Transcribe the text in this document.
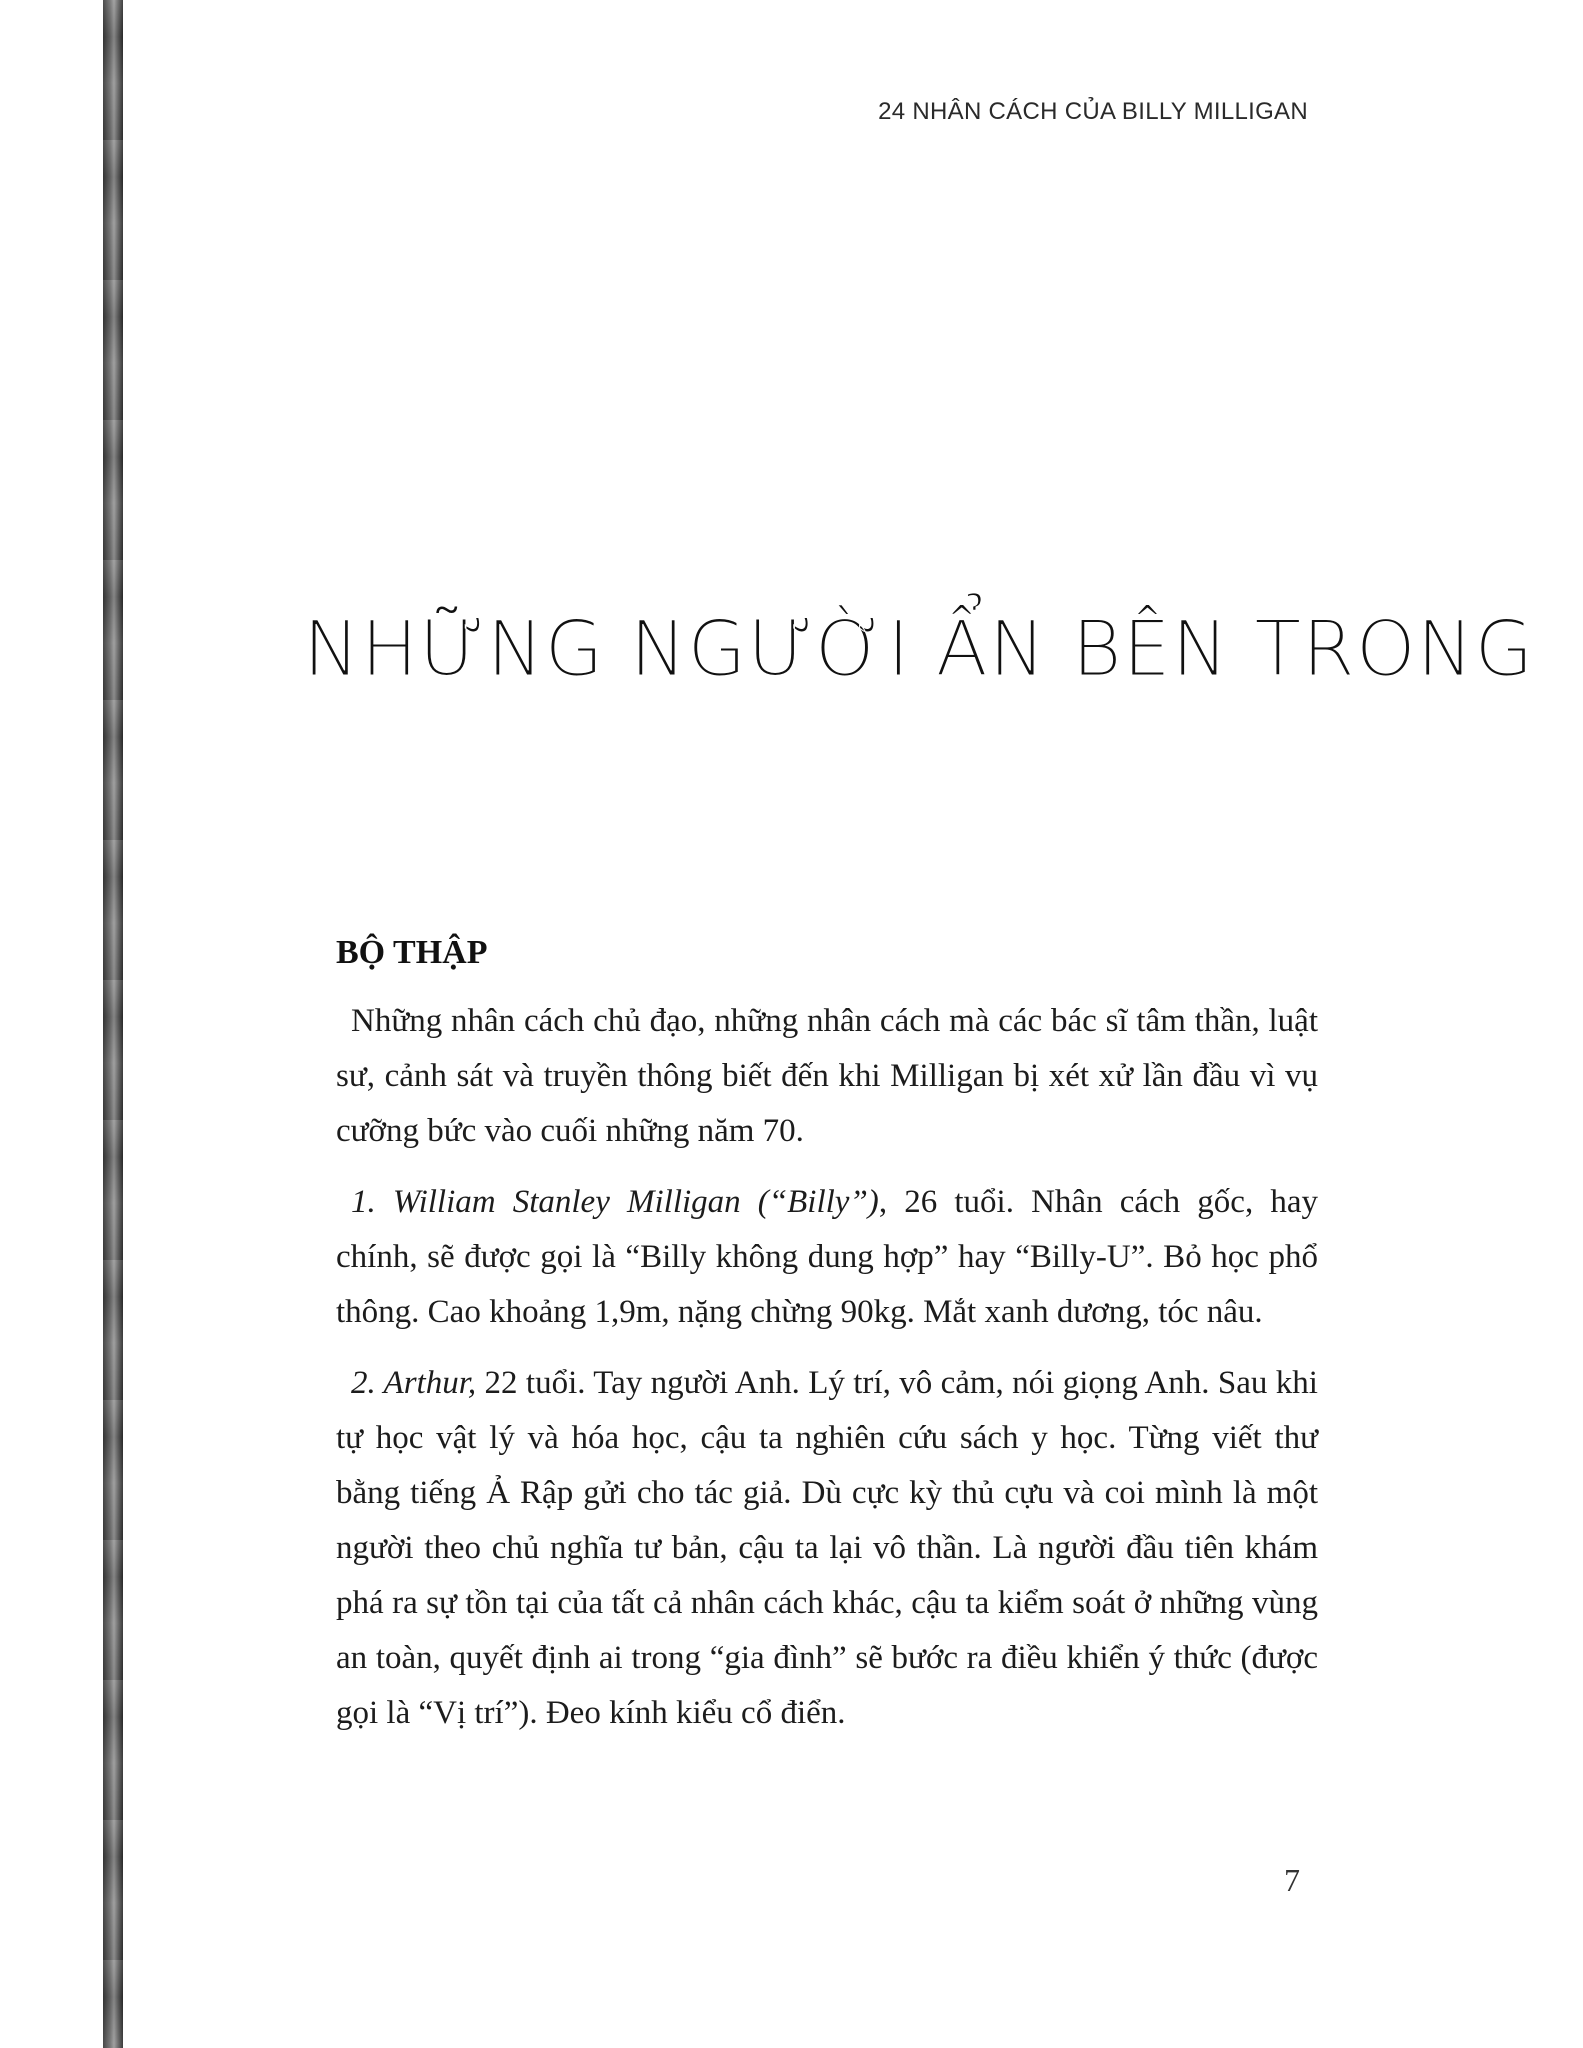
24 NHÂN CÁCH CỦA BILLY MILLIGAN
NHỮNG NGƯỜI ẨN BÊN TRONG
BỘ THẬP

Những nhân cách chủ đạo, những nhân cách mà các bác sĩ tâm thần, luật sư, cảnh sát và truyền thông biết đến khi Milligan bị xét xử lần đầu vì vụ cưỡng bức vào cuối những năm 70.

1. William Stanley Milligan (“Billy”), 26 tuổi. Nhân cách gốc, hay chính, sẽ được gọi là “Billy không dung hợp” hay “Billy-U”. Bỏ học phổ thông. Cao khoảng 1,9m, nặng chừng 90kg. Mắt xanh dương, tóc nâu.

2. Arthur, 22 tuổi. Tay người Anh. Lý trí, vô cảm, nói giọng Anh. Sau khi tự học vật lý và hóa học, cậu ta nghiên cứu sách y học. Từng viết thư bằng tiếng Ả Rập gửi cho tác giả. Dù cực kỳ thủ cựu và coi mình là một người theo chủ nghĩa tư bản, cậu ta lại vô thần. Là người đầu tiên khám phá ra sự tồn tại của tất cả nhân cách khác, cậu ta kiểm soát ở những vùng an toàn, quyết định ai trong “gia đình” sẽ bước ra điều khiển ý thức (được gọi là “Vị trí”). Đeo kính kiểu cổ điển.

7
